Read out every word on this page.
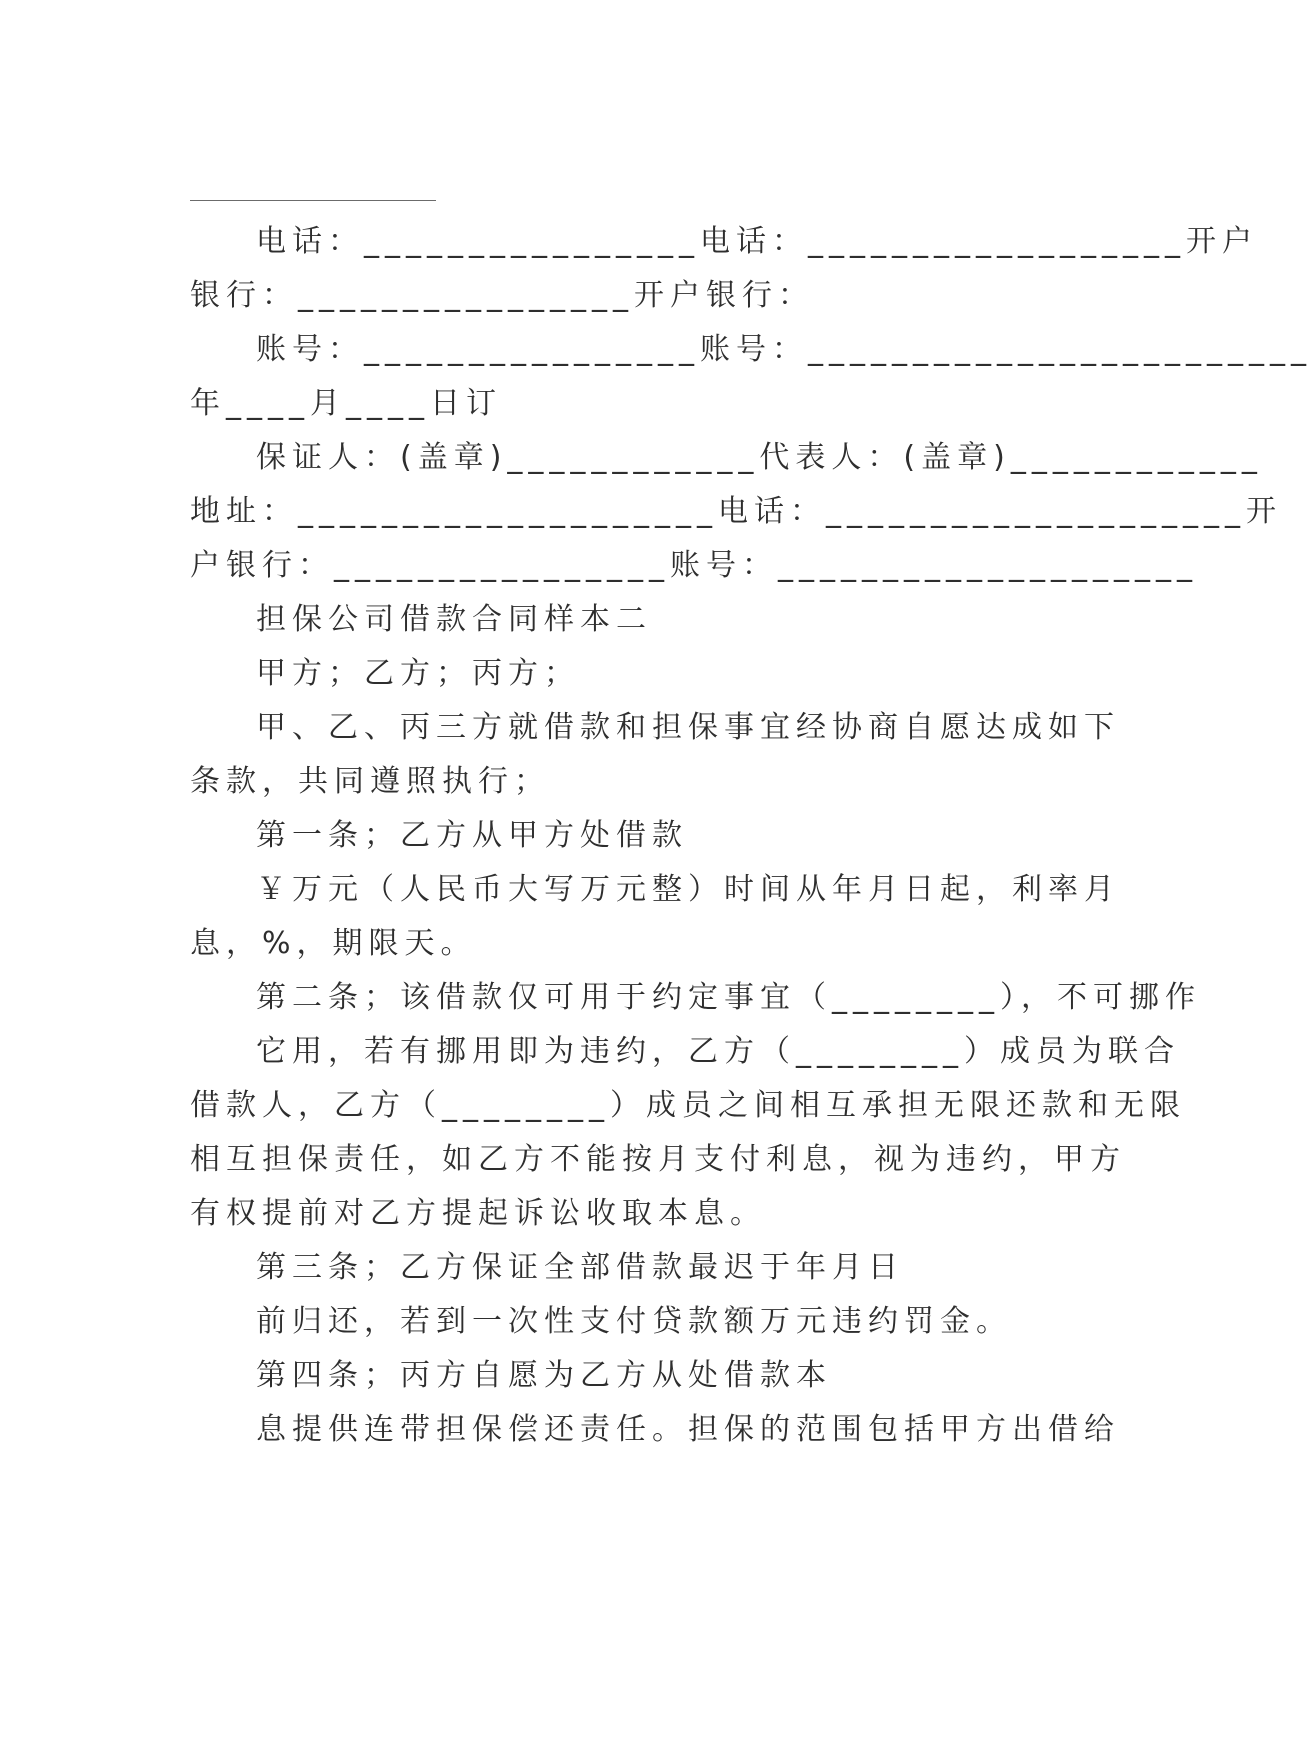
电话：________________电话：__________________开户
银行：________________开户银行：
账号：________________账号：________________________
年____月____日订
保证人：(盖章)____________代表人：(盖章)____________
地址：____________________电话：____________________开
户银行：________________账号：____________________
担保公司借款合同样本二
甲方；乙方；丙方；
甲、乙、丙三方就借款和担保事宜经协商自愿达成如下
条款，共同遵照执行；
第一条；乙方从甲方处借款
￥万元（人民币大写万元整）时间从年月日起，利率月
息，%，期限天。
第二条；该借款仅可用于约定事宜（________），不可挪作
它用，若有挪用即为违约，乙方（________）成员为联合
借款人，乙方（________）成员之间相互承担无限还款和无限
相互担保责任，如乙方不能按月支付利息，视为违约，甲方
有权提前对乙方提起诉讼收取本息。
第三条；乙方保证全部借款最迟于年月日
前归还，若到一次性支付贷款额万元违约罚金。
第四条；丙方自愿为乙方从处借款本
息提供连带担保偿还责任。担保的范围包括甲方出借给
